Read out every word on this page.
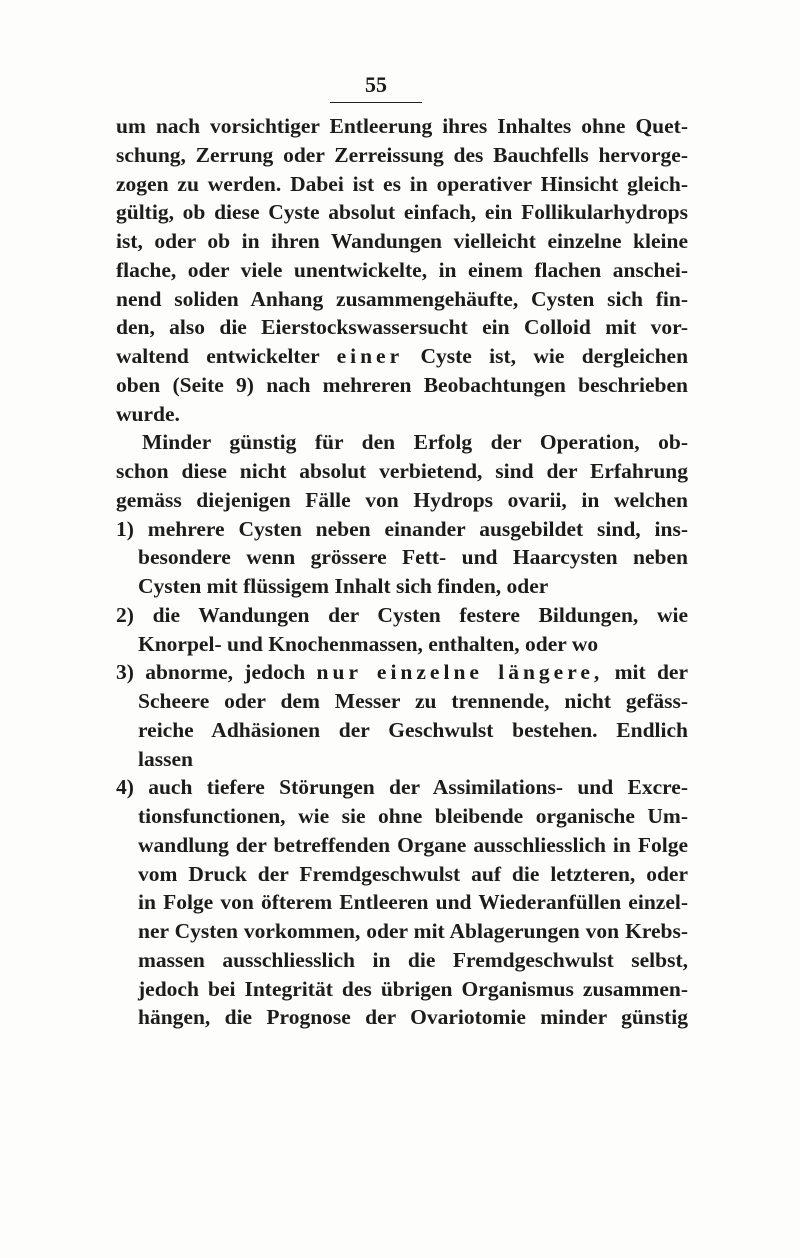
55
um nach vorsichtiger Entleerung ihres Inhaltes ohne Quet-
schung, Zerrung oder Zerreissung des Bauchfells hervorge-
zogen zu werden. Dabei ist es in operativer Hinsicht gleich-
gültig, ob diese Cyste absolut einfach, ein Follikularhydrops
ist, oder ob in ihren Wandungen vielleicht einzelne kleine
flache, oder viele unentwickelte, in einem flachen anschei-
nend soliden Anhang zusammengehäufte, Cysten sich fin-
den, also die Eierstockswassersucht ein Colloid mit vor-
waltend entwickelter einer Cyste ist, wie dergleichen
oben (Seite 9) nach mehreren Beobachtungen beschrieben
wurde.
Minder günstig für den Erfolg der Operation, ob-
schon diese nicht absolut verbietend, sind der Erfahrung
gemäss diejenigen Fälle von Hydrops ovarii, in welchen
1) mehrere Cysten neben einander ausgebildet sind, ins-
besondere wenn grössere Fett- und Haarcysten neben
Cysten mit flüssigem Inhalt sich finden, oder
2) die Wandungen der Cysten festere Bildungen, wie
Knorpel- und Knochenmassen, enthalten, oder wo
3) abnorme, jedoch nur einzelne längere, mit der
Scheere oder dem Messer zu trennende, nicht gefäss-
reiche Adhäsionen der Geschwulst bestehen. Endlich
lassen
4) auch tiefere Störungen der Assimilations- und Excre-
tionsfunctionen, wie sie ohne bleibende organische Um-
wandlung der betreffenden Organe ausschliesslich in Folge
vom Druck der Fremdgeschwulst auf die letzteren, oder
in Folge von öfterem Entleeren und Wiederanfüllen einzel-
ner Cysten vorkommen, oder mit Ablagerungen von Krebs-
massen ausschliesslich in die Fremdgeschwulst selbst,
jedoch bei Integrität des übrigen Organismus zusammen-
hängen, die Prognose der Ovariotomie minder günstig
